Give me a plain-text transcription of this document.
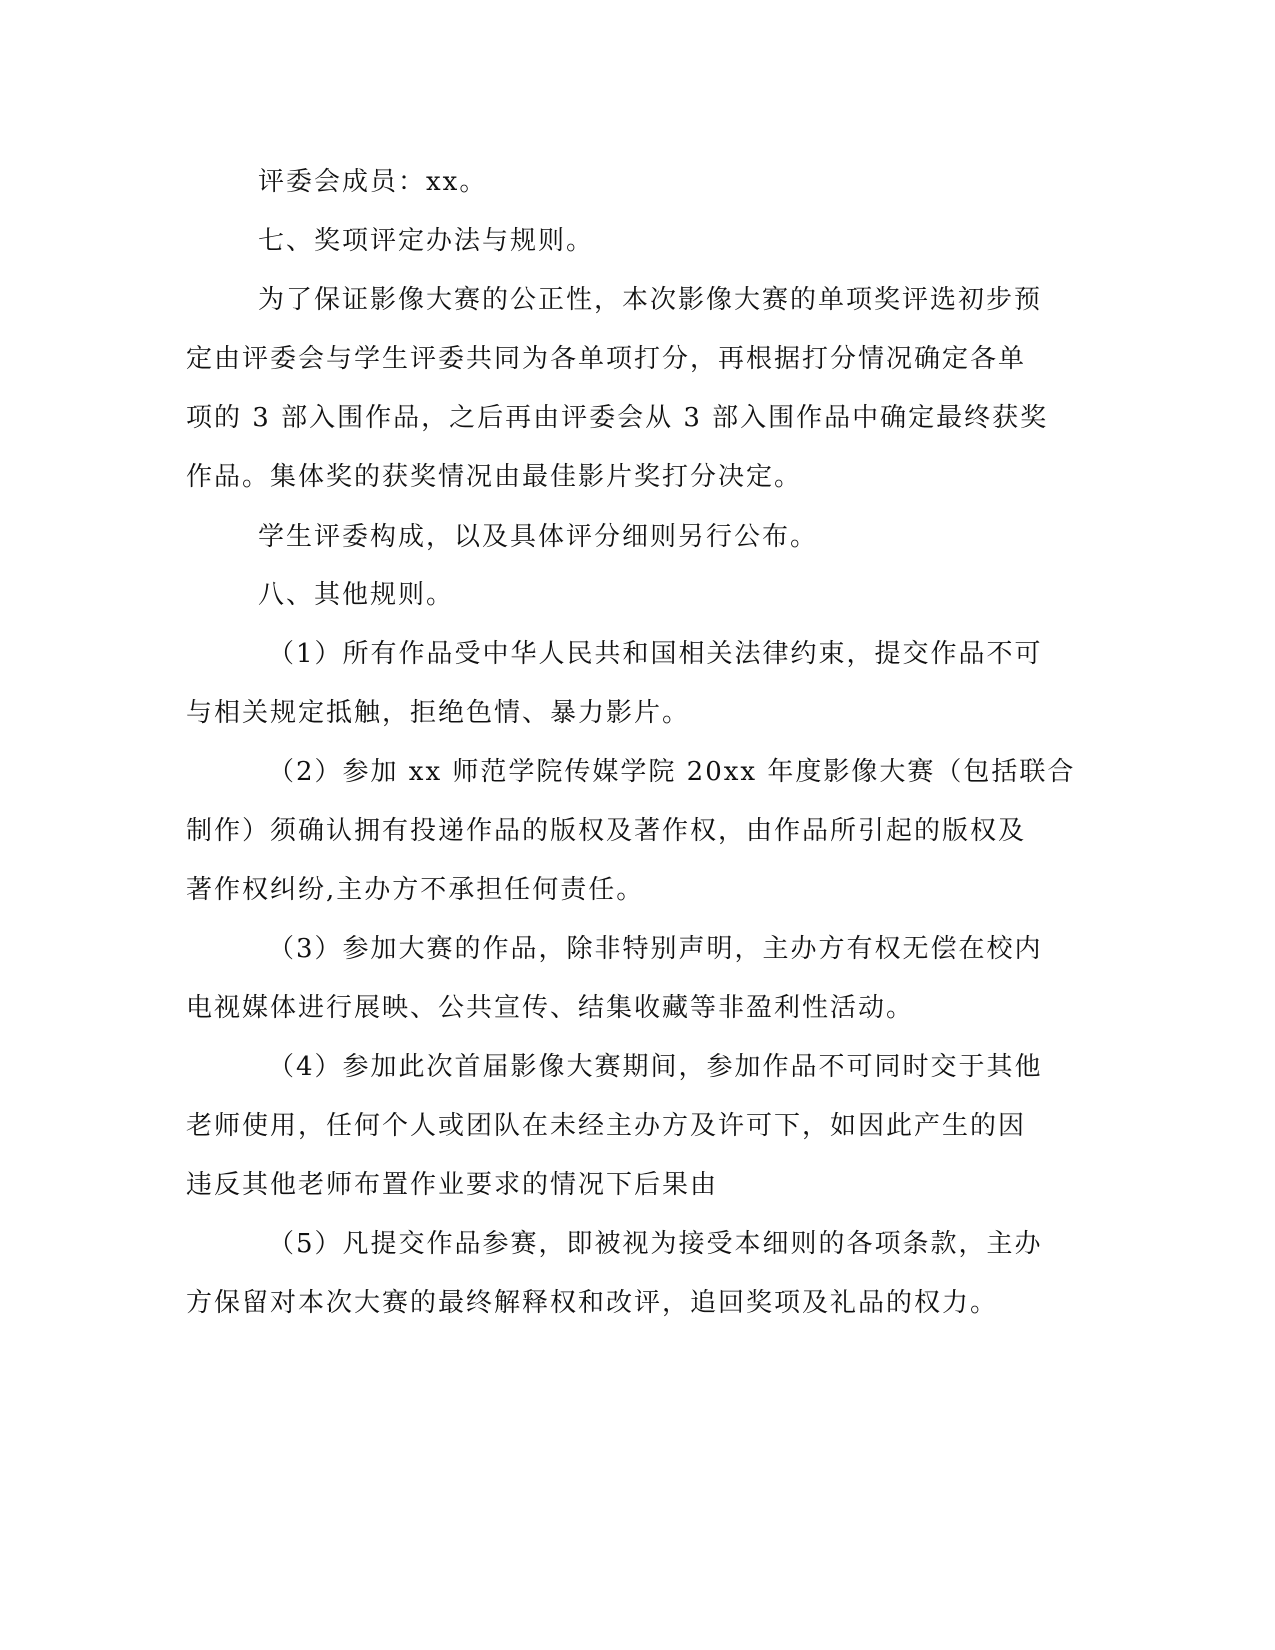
评委会成员：xx。
七、奖项评定办法与规则。
为了保证影像大赛的公正性，本次影像大赛的单项奖评选初步预
定由评委会与学生评委共同为各单项打分，再根据打分情况确定各单
项的 3 部入围作品，之后再由评委会从 3 部入围作品中确定最终获奖
作品。集体奖的获奖情况由最佳影片奖打分决定。
学生评委构成，以及具体评分细则另行公布。
八、其他规则。
（1）所有作品受中华人民共和国相关法律约束，提交作品不可
与相关规定抵触，拒绝色情、暴力影片。
（2）参加 xx 师范学院传媒学院 20xx 年度影像大赛（包括联合
制作）须确认拥有投递作品的版权及著作权，由作品所引起的版权及
著作权纠纷,主办方不承担任何责任。
（3）参加大赛的作品，除非特别声明，主办方有权无偿在校内
电视媒体进行展映、公共宣传、结集收藏等非盈利性活动。
（4）参加此次首届影像大赛期间，参加作品不可同时交于其他
老师使用，任何个人或团队在未经主办方及许可下，如因此产生的因
违反其他老师布置作业要求的情况下后果由
（5）凡提交作品参赛，即被视为接受本细则的各项条款，主办
方保留对本次大赛的最终解释权和改评，追回奖项及礼品的权力。
